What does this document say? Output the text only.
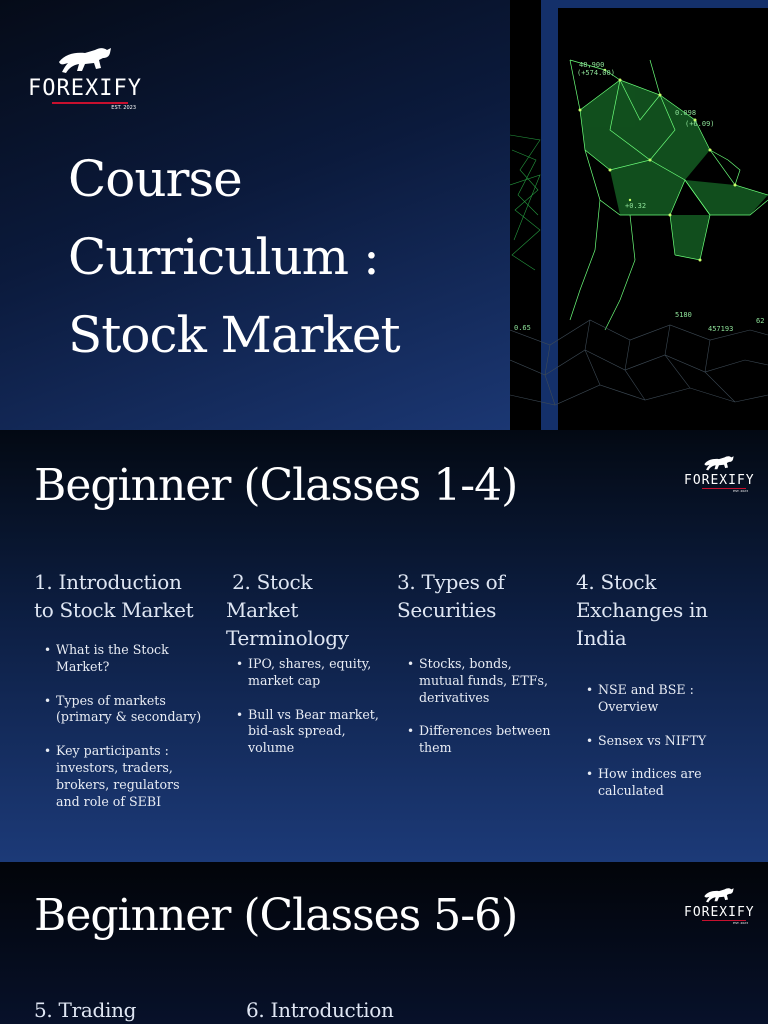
48,900
(+574.00)
0.098
(+6.09)
+0.32
0.65	457193
5180
62
FOREXIFY
EST. 2023
Course
Curriculum :
Stock Market
Beginner (Classes 1-4)	FOREXIFY
EST. 2023
1. Introduction to Stock Market
• What is the Stock Market?
• Types of markets (primary & secondary)
• Key participants : investors, traders, brokers, regulators and role of SEBI
2. Stock Market Terminology
• IPO, shares, equity, market cap
• Bull vs Bear market, bid-ask spread, volume
3. Types of Securities
• Stocks, bonds, mutual funds, ETFs, derivatives
• Differences between them
4. Stock Exchanges in India
• NSE and BSE : Overview
• Sensex vs NIFTY
• How indices are calculated
Beginner (Classes 5-6)	FOREXIFY
EST. 2023
5. Trading	6. Introduction
